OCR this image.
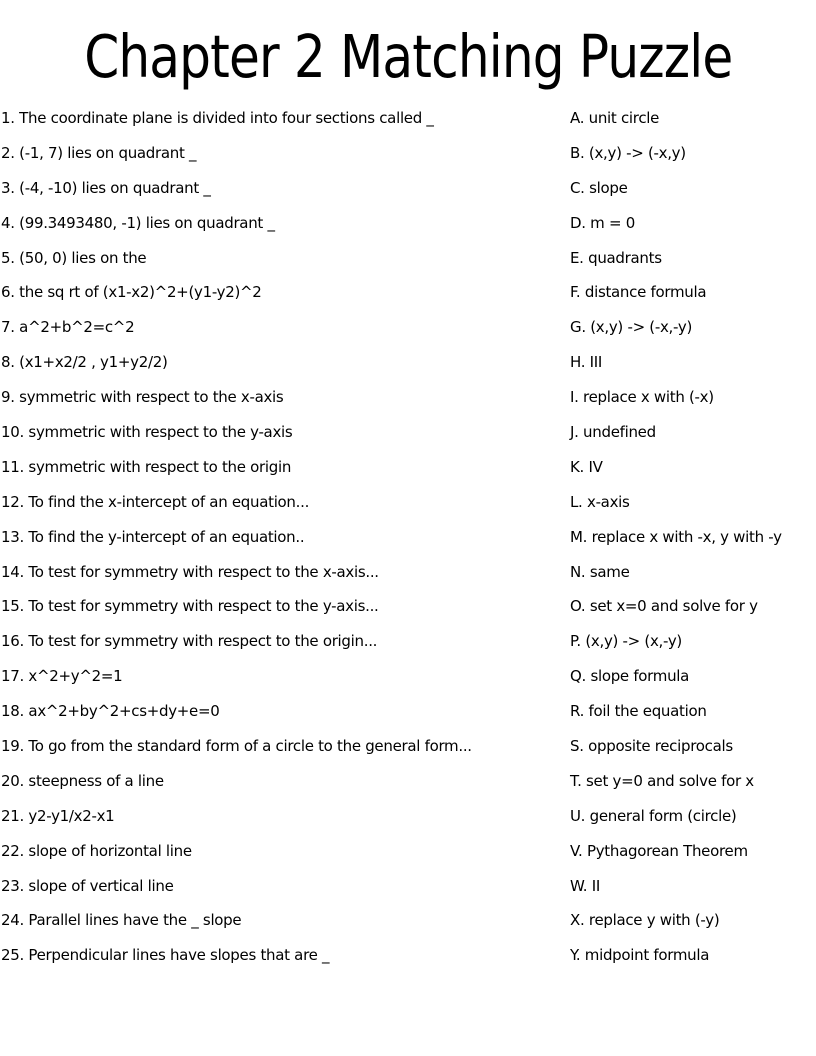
Chapter 2 Matching Puzzle
1. The coordinate plane is divided into four sections called _
2. (-1, 7) lies on quadrant _
3. (-4, -10) lies on quadrant _
4. (99.3493480, -1) lies on quadrant _
5. (50, 0) lies on the
6. the sq rt of (x1-x2)^2+(y1-y2)^2
7. a^2+b^2=c^2
8. (x1+x2/2 , y1+y2/2)
9. symmetric with respect to the x-axis
10. symmetric with respect to the y-axis
11. symmetric with respect to the origin
12. To find the x-intercept of an equation...
13. To find the y-intercept of an equation..
14. To test for symmetry with respect to the x-axis...
15. To test for symmetry with respect to the y-axis...
16. To test for symmetry with respect to the origin...
17. x^2+y^2=1
18. ax^2+by^2+cs+dy+e=0
19. To go from the standard form of a circle to the general form...
20. steepness of a line
21. y2-y1/x2-x1
22. slope of horizontal line
23. slope of vertical line
24. Parallel lines have the _ slope
25. Perpendicular lines have slopes that are _
A. unit circle
B. (x,y) -> (-x,y)
C. slope
D. m = 0
E. quadrants
F. distance formula
G. (x,y) -> (-x,-y)
H. III
I. replace x with (-x)
J. undefined
K. IV
L. x-axis
M. replace x with -x, y with -y
N. same
O. set x=0 and solve for y
P. (x,y) -> (x,-y)
Q. slope formula
R. foil the equation
S. opposite reciprocals
T. set y=0 and solve for x
U. general form (circle)
V. Pythagorean Theorem
W. II
X. replace y with (-y)
Y. midpoint formula
